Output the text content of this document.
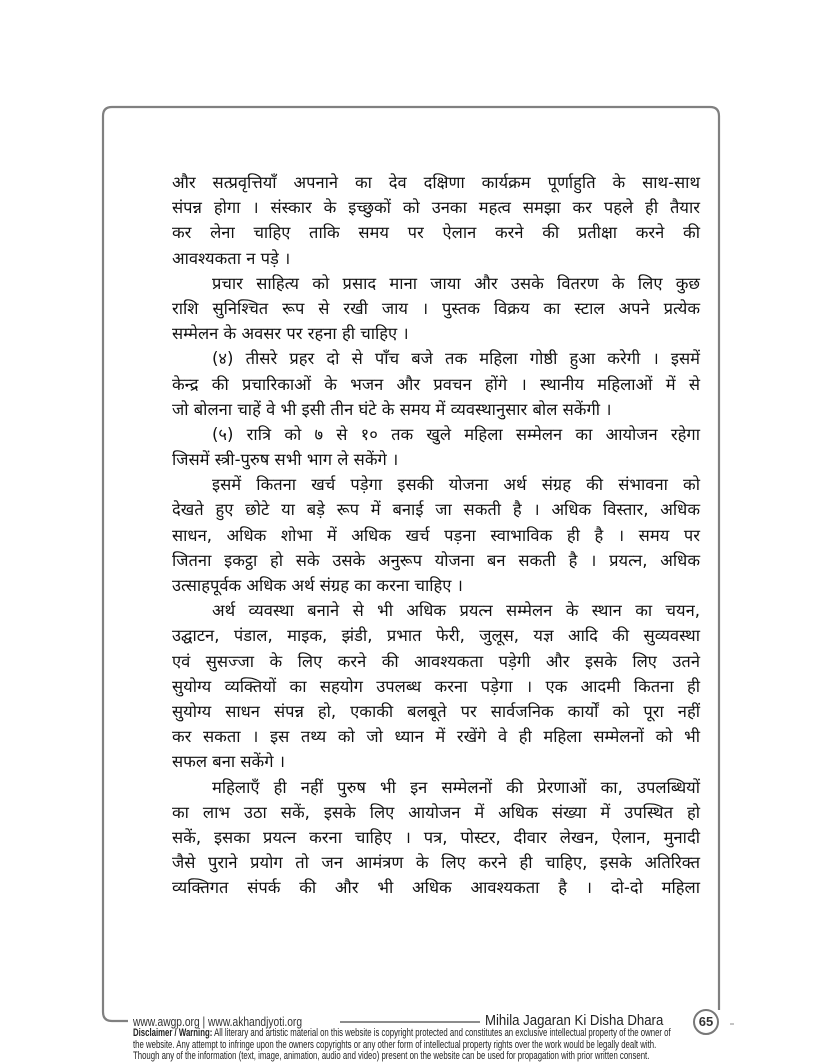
और सत्प्रवृत्तियाँ अपनाने का देव दक्षिणा कार्यक्रम पूर्णाहुति के साथ-साथ
संपन्न होगा । संस्कार के इच्छुकों को उनका महत्व समझा कर पहले ही तैयार
कर लेना चाहिए ताकि समय पर ऐलान करने की प्रतीक्षा करने की
आवश्यकता न पड़े ।
प्रचार साहित्य को प्रसाद माना जाया और उसके वितरण के लिए कुछ
राशि सुनिश्चित रूप से रखी जाय । पुस्तक विक्रय का स्टाल अपने प्रत्येक
सम्मेलन के अवसर पर रहना ही चाहिए ।
(४) तीसरे प्रहर दो से पाँच बजे तक महिला गोष्ठी हुआ करेगी । इसमें
केन्द्र की प्रचारिकाओं के भजन और प्रवचन होंगे । स्थानीय महिलाओं में से
जो बोलना चाहें वे भी इसी तीन घंटे के समय में व्यवस्थानुसार बोल सकेंगी ।
(५) रात्रि को ७ से १० तक खुले महिला सम्मेलन का आयोजन रहेगा
जिसमें स्त्री-पुरुष सभी भाग ले सकेंगे ।
इसमें कितना खर्च पड़ेगा इसकी योजना अर्थ संग्रह की संभावना को
देखते हुए छोटे या बड़े रूप में बनाई जा सकती है । अधिक विस्तार, अधिक
साधन, अधिक शोभा में अधिक खर्च पड़ना स्वाभाविक ही है । समय पर
जितना इकट्ठा हो सके उसके अनुरूप योजना बन सकती है । प्रयत्न, अधिक
उत्साहपूर्वक अधिक अर्थ संग्रह का करना चाहिए ।
अर्थ व्यवस्था बनाने से भी अधिक प्रयत्न सम्मेलन के स्थान का चयन,
उद्घाटन, पंडाल, माइक, झंडी, प्रभात फेरी, जुलूस, यज्ञ आदि की सुव्यवस्था
एवं सुसज्जा के लिए करने की आवश्यकता पड़ेगी और इसके लिए उतने
सुयोग्य व्यक्तियों का सहयोग उपलब्ध करना पड़ेगा । एक आदमी कितना ही
सुयोग्य साधन संपन्न हो, एकाकी बलबूते पर सार्वजनिक कार्यों को पूरा नहीं
कर सकता । इस तथ्य को जो ध्यान में रखेंगे वे ही महिला सम्मेलनों को भी
सफल बना सकेंगे ।
महिलाएँ ही नहीं पुरुष भी इन सम्मेलनों की प्रेरणाओं का, उपलब्धियों
का लाभ उठा सकें, इसके लिए आयोजन में अधिक संख्या में उपस्थित हो
सकें, इसका प्रयत्न करना चाहिए । पत्र, पोस्टर, दीवार लेखन, ऐलान, मुनादी
जैसे पुराने प्रयोग तो जन आमंत्रण के लिए करने ही चाहिए, इसके अतिरिक्त
व्यक्तिगत संपर्क की और भी अधिक आवश्यकता है । दो-दो महिला
www.awgp.org | www.akhandjyoti.org	Mihila Jagaran Ki Disha Dhara	65
Disclaimer / Warning: All literary and artistic material on this website is copyright protected and constitutes an exclusive intellectual property of the owner of
the website. Any attempt to infringe upon the owners copyrights or any other form of intellectual property rights over the work would be legally dealt with.
Though any of the information (text, image, animation, audio and video) present on the website can be used for propagation with prior written consent.
